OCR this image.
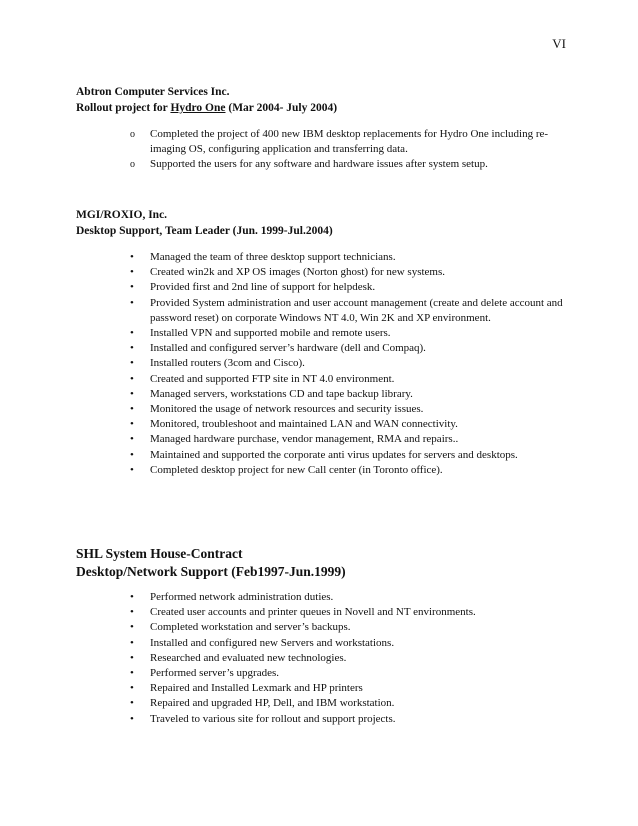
VI

Abtron Computer Services Inc.

Rollout project for Hydro One (Mar 2004- July 2004)

o Completed the project of 400 new IBM desktop replacements for Hydro One including re-imaging OS, configuring application and transferring data.
o Supported the users for any software and hardware issues after system setup.

MGI/ROXIO, Inc.

Desktop Support, Team Leader (Jun. 1999-Jul.2004)

• Managed the team of three desktop support technicians.
• Created win2k and XP OS images (Norton ghost) for new systems.
• Provided first and 2nd line of support for helpdesk.
• Provided System administration and user account management (create and delete account and password reset) on corporate Windows NT 4.0, Win 2K and XP environment.
• Installed VPN and supported mobile and remote users.
• Installed and configured server’s hardware (dell and Compaq).
• Installed routers (3com and Cisco).
• Created and supported FTP site in NT 4.0 environment.
• Managed servers, workstations CD and tape backup library.
• Monitored the usage of network resources and security issues.
• Monitored, troubleshoot and maintained LAN and WAN connectivity.
• Managed hardware purchase, vendor management, RMA and repairs..
• Maintained and supported the corporate anti virus updates for servers and desktops.
• Completed desktop project for new Call center (in Toronto office).

SHL System House-Contract

Desktop/Network Support (Feb1997-Jun.1999)

• Performed network administration duties.
• Created user accounts and printer queues in Novell and NT environments.
• Completed workstation and server’s backups.
• Installed and configured new Servers and workstations.
• Researched and evaluated new technologies.
• Performed server’s upgrades.
• Repaired and Installed Lexmark and HP printers
• Repaired and upgraded HP, Dell, and IBM workstation.
• Traveled to various site for rollout and support projects.
